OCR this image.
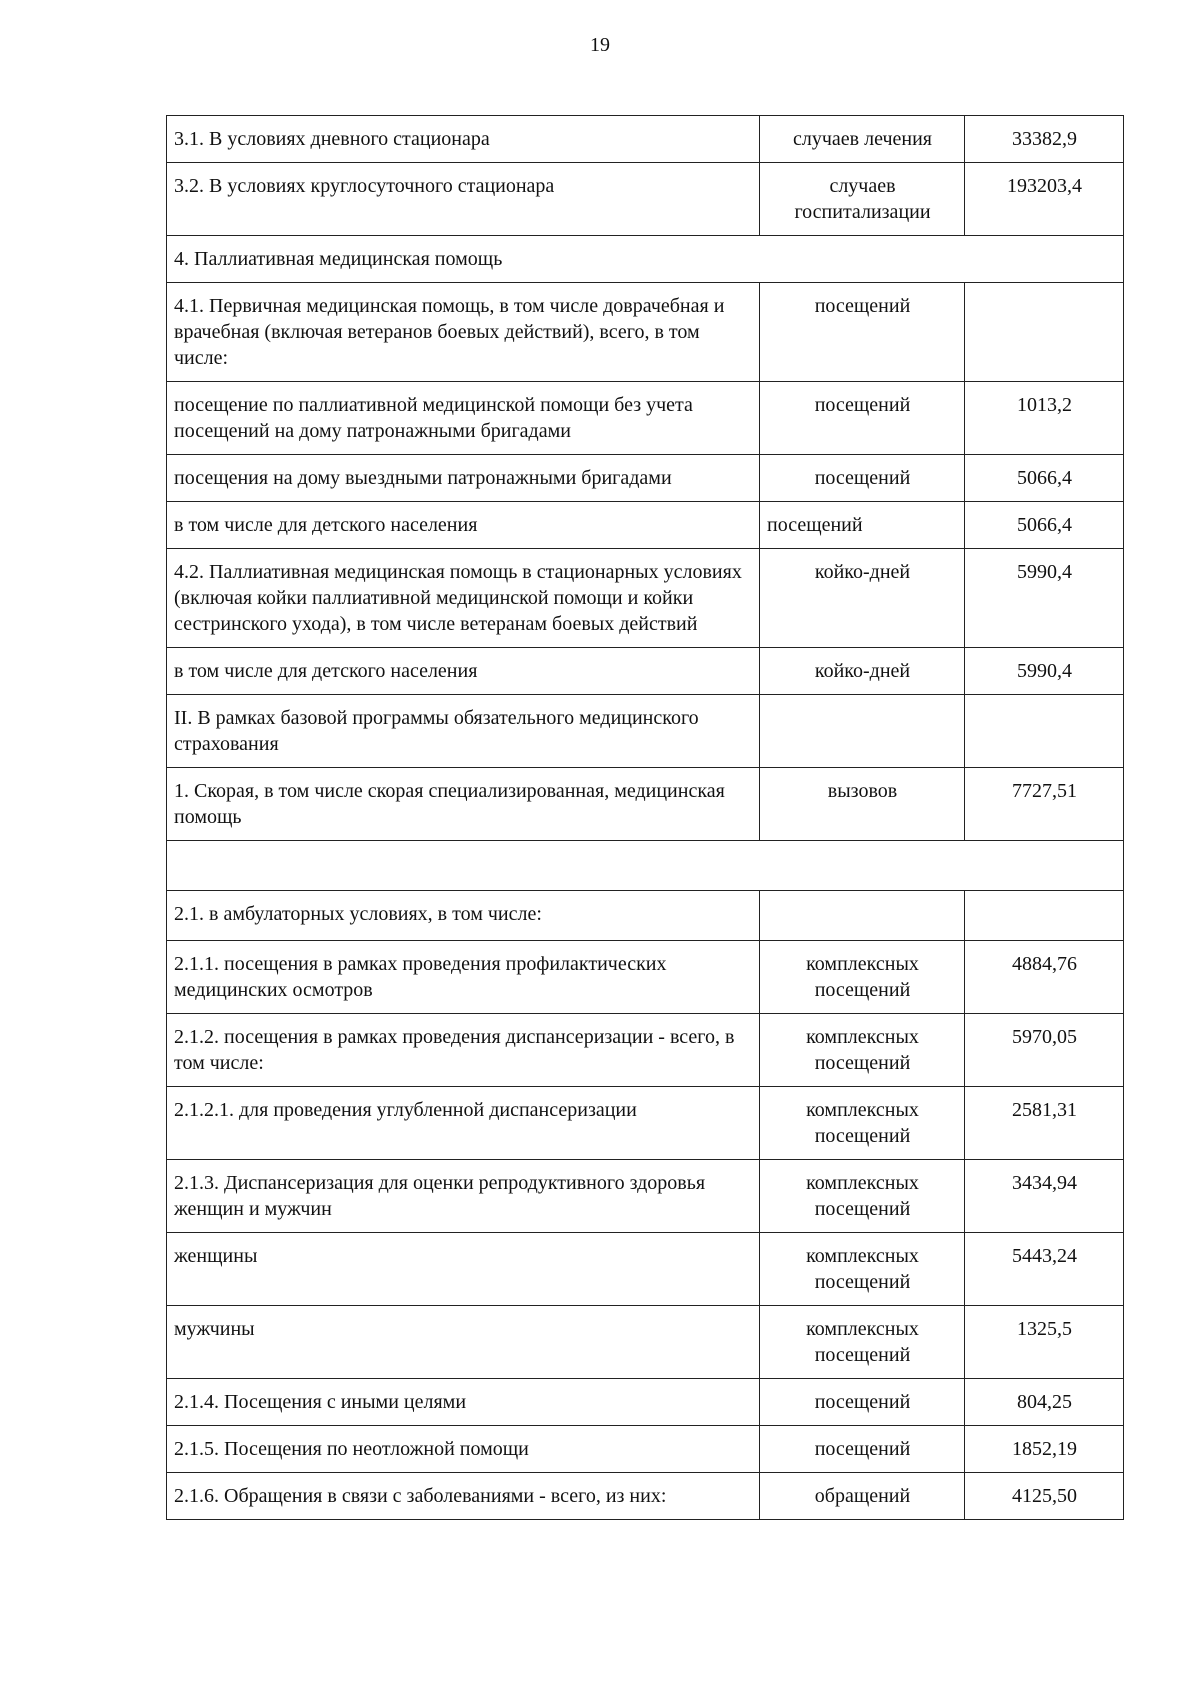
19
3.1. В условиях дневного стационара	случаев лечения	33382,9
3.2. В условиях круглосуточного стационара	случаев госпитализации	193203,4
4. Паллиативная медицинская помощь		
4.1. Первичная медицинская помощь, в том числе доврачебная и врачебная (включая ветеранов боевых действий), всего, в том числе:	посещений	
посещение по паллиативной медицинской помощи без учета посещений на дому патронажными бригадами	посещений	1013,2
посещения на дому выездными патронажными бригадами	посещений	5066,4
в том числе для детского населения	посещений	5066,4
4.2. Паллиативная медицинская помощь в стационарных условиях (включая койки паллиативной медицинской помощи и койки сестринского ухода), в том числе ветеранам боевых действий	койко-дней	5990,4
в том числе для детского населения	койко-дней	5990,4
II. В рамках базовой программы обязательного медицинского страхования		
1. Скорая, в том числе скорая специализированная, медицинская помощь	вызовов	7727,51

2.1. в амбулаторных условиях, в том числе:		
2.1.1. посещения в рамках проведения профилактических медицинских осмотров	комплексных посещений	4884,76
2.1.2. посещения в рамках проведения диспансеризации - всего, в том числе:	комплексных посещений	5970,05
2.1.2.1. для проведения углубленной диспансеризации	комплексных посещений	2581,31
2.1.3. Диспансеризация для оценки репродуктивного здоровья женщин и мужчин	комплексных посещений	3434,94
женщины	комплексных посещений	5443,24
мужчины	комплексных посещений	1325,5
2.1.4. Посещения с иными целями	посещений	804,25
2.1.5. Посещения по неотложной помощи	посещений	1852,19
2.1.6. Обращения в связи с заболеваниями - всего, из них:	обращений	4125,50
